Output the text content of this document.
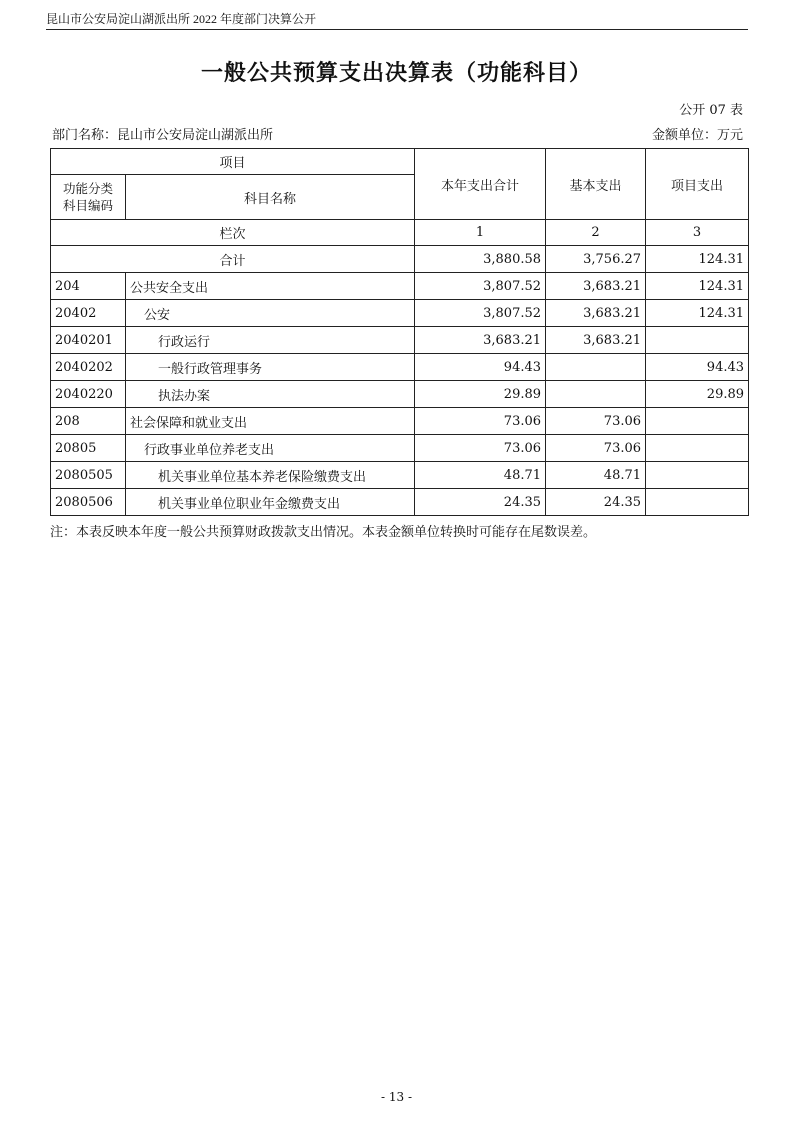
昆山市公安局淀山湖派出所 2022 年度部门决算公开
一般公共预算支出决算表（功能科目）
公开 07 表
部门名称：昆山市公安局淀山湖派出所	金额单位：万元
项目		本年支出合计	基本支出	项目支出

功能分类
科目编码	科目名称			
栏次		1	2	3
合计		3,880.58	3,756.27	124.31
204	公共安全支出	3,807.52	3,683.21	124.31
20402	公安	3,807.52	3,683.21	124.31
2040201	行政运行	3,683.21	3,683.21	
2040202	一般行政管理事务	94.43		94.43
2040220	执法办案	29.89		29.89
208	社会保障和就业支出	73.06	73.06	
20805	行政事业单位养老支出	73.06	73.06	
2080505	机关事业单位基本养老保险缴费支出	48.71	48.71	
2080506	机关事业单位职业年金缴费支出	24.35	24.35	
注：本表反映本年度一般公共预算财政拨款支出情况。本表金额单位转换时可能存在尾数误差。
- 13 -
